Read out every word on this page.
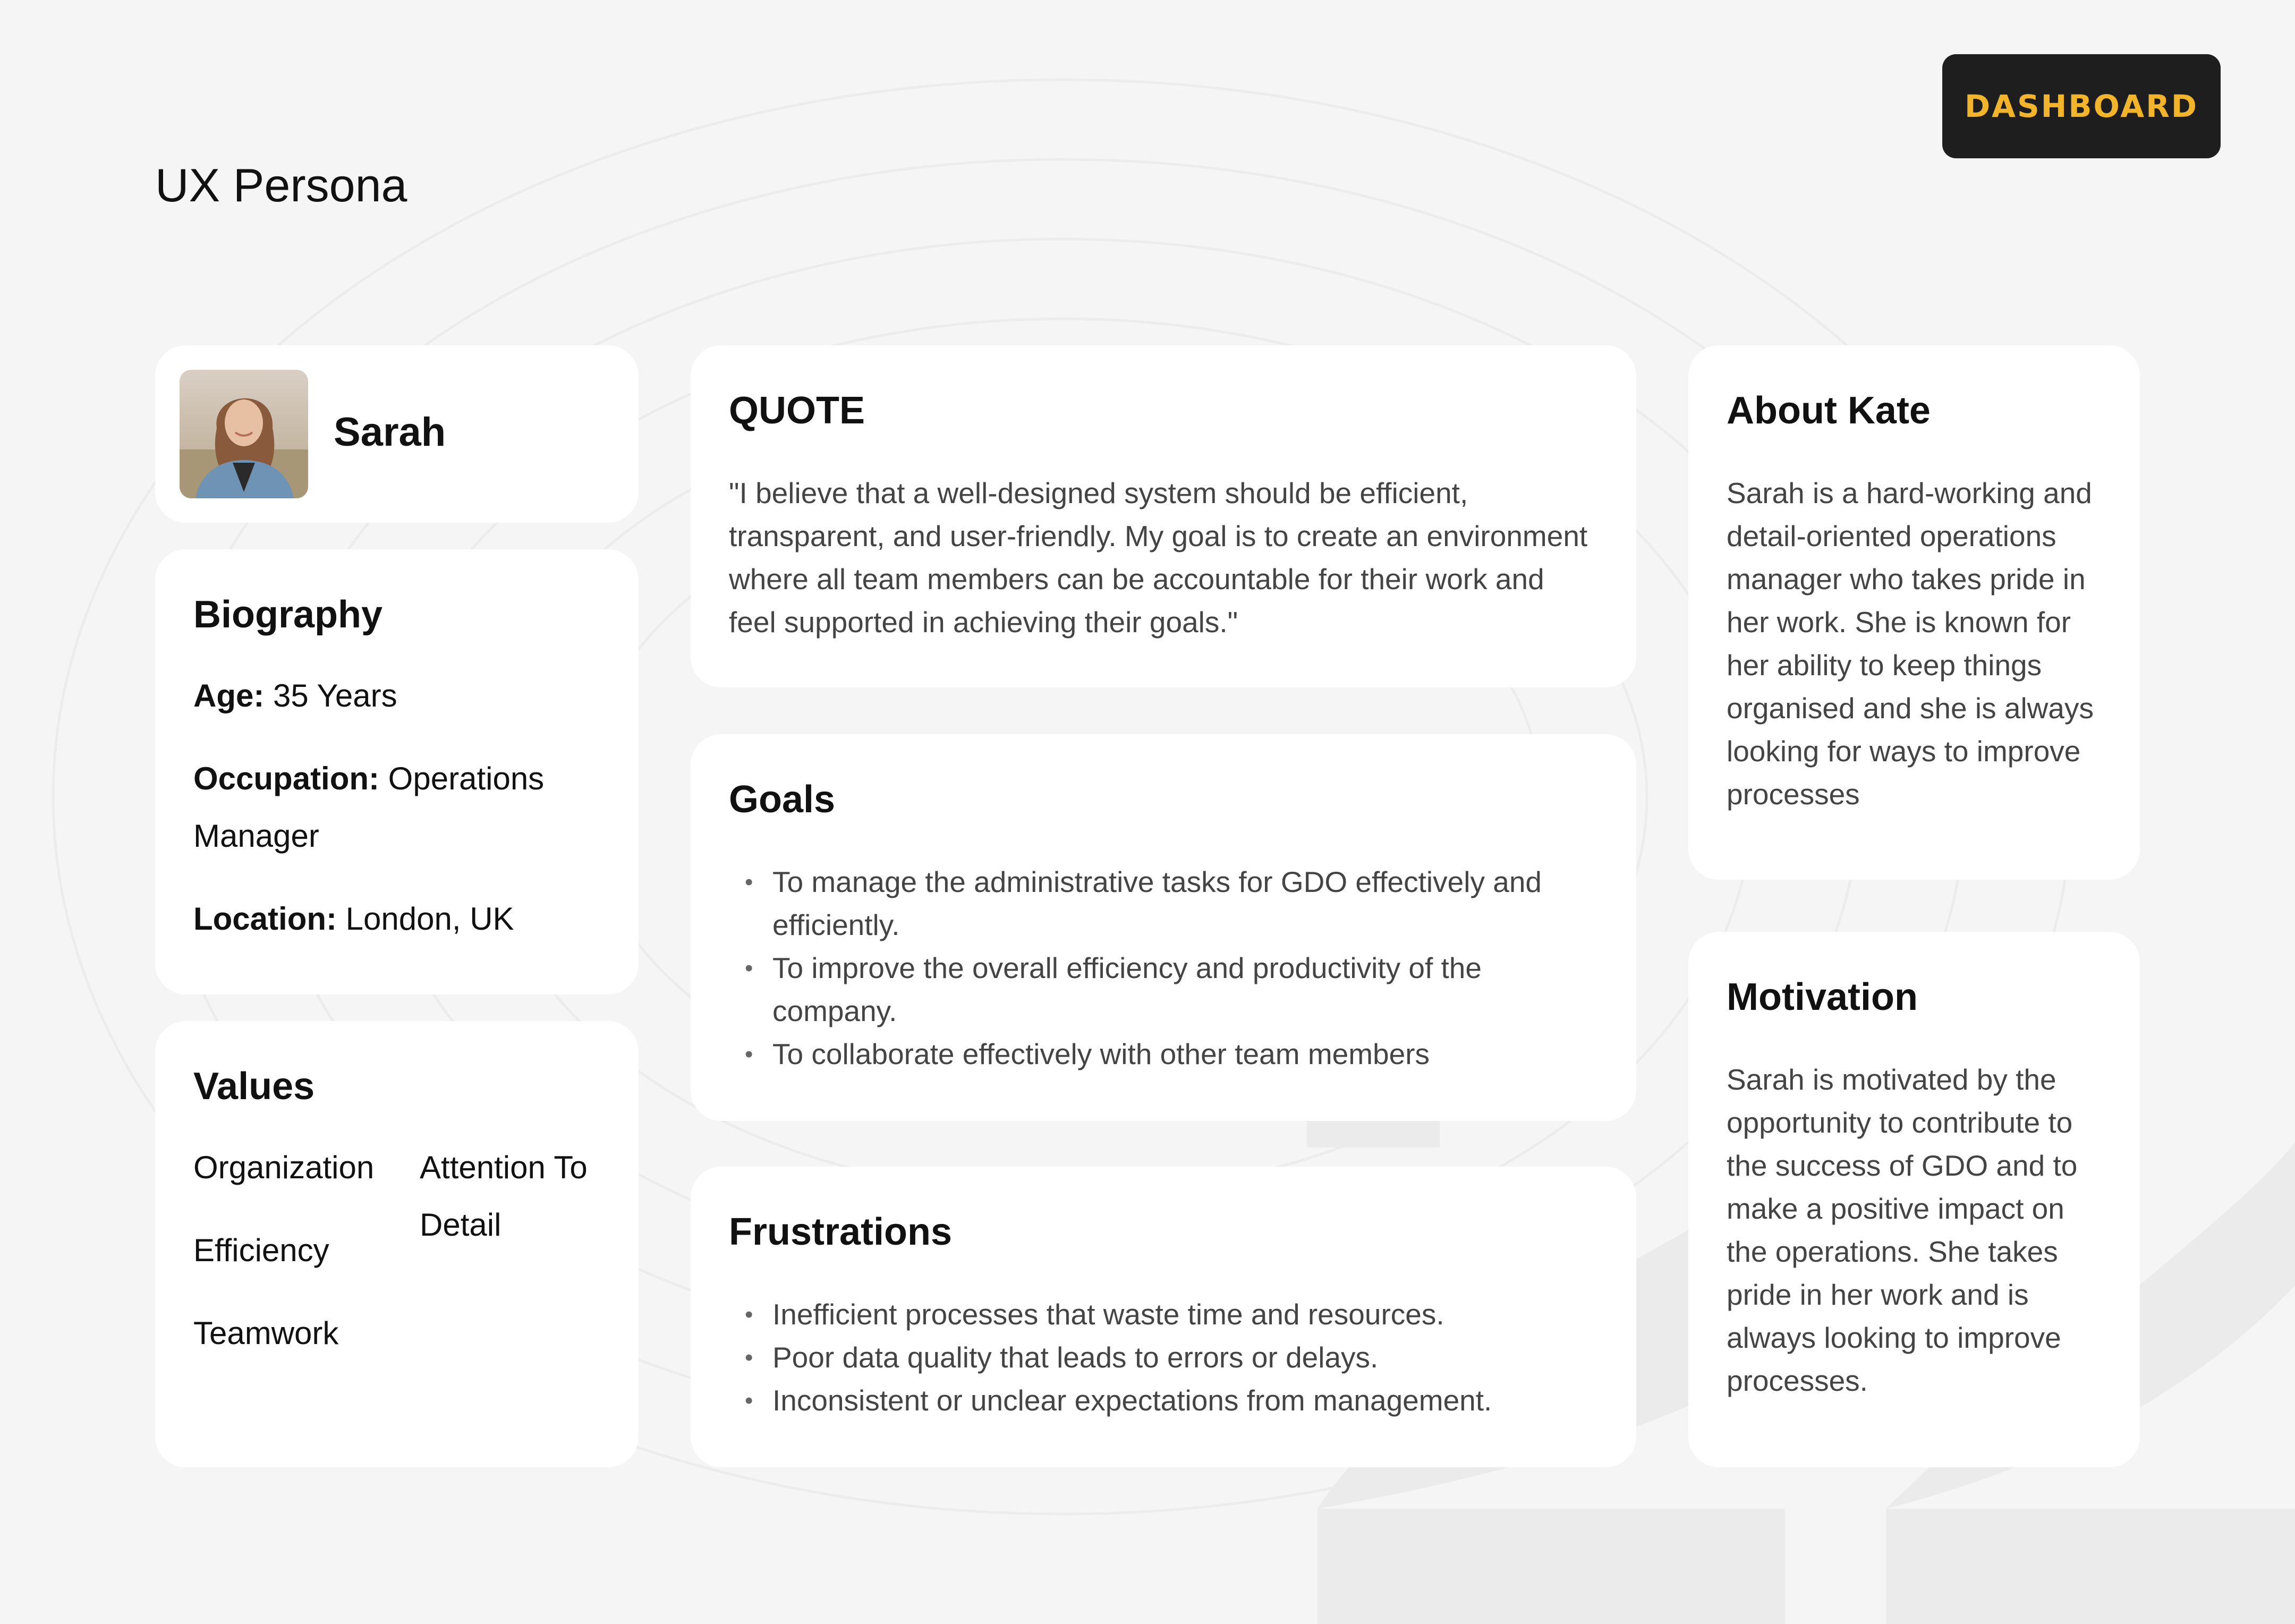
UX Persona
DASHBOARD
Sarah
Biography
Age: 35 Years
Occupation: Operations Manager
Location: London, UK
Values
Organization
Efficiency
Teamwork
Attention To Detail
QUOTE
"I believe that a well-designed system should be efficient, transparent, and user-friendly. My goal is to create an environment where all team members can be accountable for their work and feel supported in achieving their goals."
Goals
• To manage the administrative tasks for GDO effectively and efficiently.
• To improve the overall efficiency and productivity of the company.
• To collaborate effectively with other team members
Frustrations
• Inefficient processes that waste time and resources.
• Poor data quality that leads to errors or delays.
• Inconsistent or unclear expectations from management.
About Kate
Sarah is a hard-working and detail-oriented operations manager who takes pride in her work. She is known for her ability to keep things organised and she is always looking for ways to improve processes
Motivation
Sarah is motivated by the opportunity to contribute to the success of GDO and to make a positive impact on the operations. She takes pride in her work and is always looking to improve processes.
